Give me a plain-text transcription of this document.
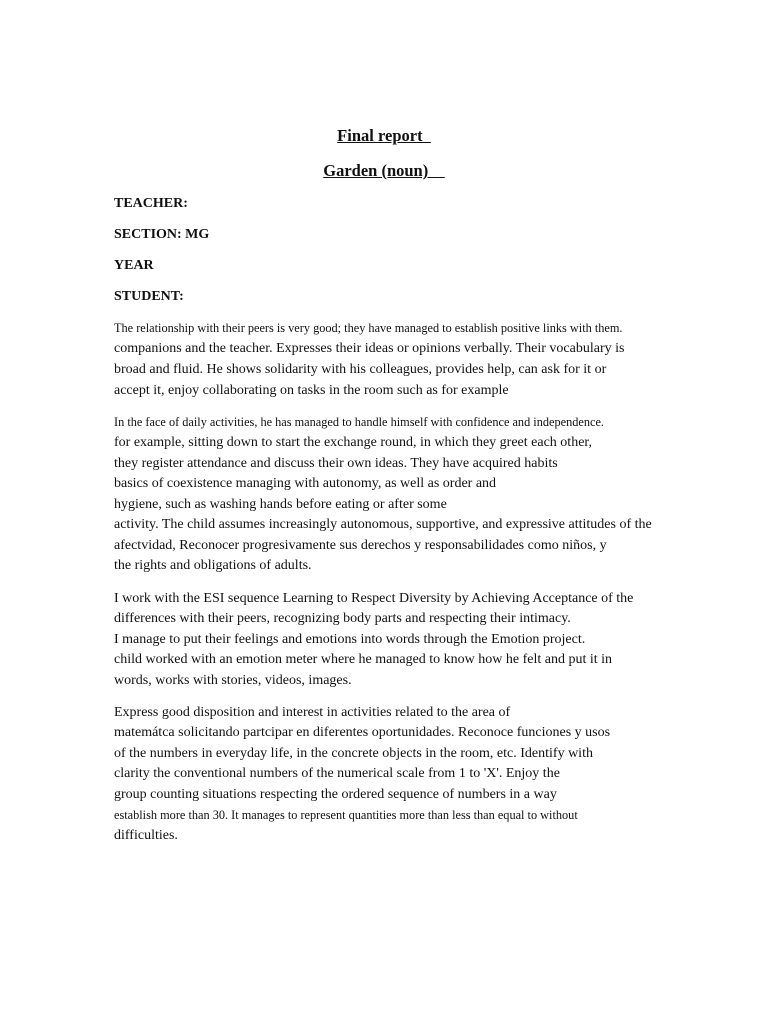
Final report
Garden (noun)
TEACHER:
SECTION: MG
YEAR
STUDENT:
The relationship with their peers is very good; they have managed to establish positive links with them.
companions and the teacher. Expresses their ideas or opinions verbally. Their vocabulary is
broad and fluid. He shows solidarity with his colleagues, provides help, can ask for it or
accept it, enjoy collaborating on tasks in the room such as for example
In the face of daily activities, he has managed to handle himself with confidence and independence.
for example, sitting down to start the exchange round, in which they greet each other,
they register attendance and discuss their own ideas. They have acquired habits
basics of coexistence managing with autonomy, as well as order and
hygiene, such as washing hands before eating or after some
activity. The child assumes increasingly autonomous, supportive, and expressive attitudes of the
afectvidad, Reconocer progresivamente sus derechos y responsabilidades como niños, y
the rights and obligations of adults.
I work with the ESI sequence Learning to Respect Diversity by Achieving Acceptance of the
differences with their peers, recognizing body parts and respecting their intimacy.
I manage to put their feelings and emotions into words through the Emotion project.
child worked with an emotion meter where he managed to know how he felt and put it in
words, works with stories, videos, images.
Express good disposition and interest in activities related to the area of
matemátca solicitando partcipar en diferentes oportunidades. Reconoce funciones y usos
of the numbers in everyday life, in the concrete objects in the room, etc. Identify with
clarity the conventional numbers of the numerical scale from 1 to 'X'. Enjoy the
group counting situations respecting the ordered sequence of numbers in a way
establish more than 30. It manages to represent quantities more than less than equal to without
difficulties.
